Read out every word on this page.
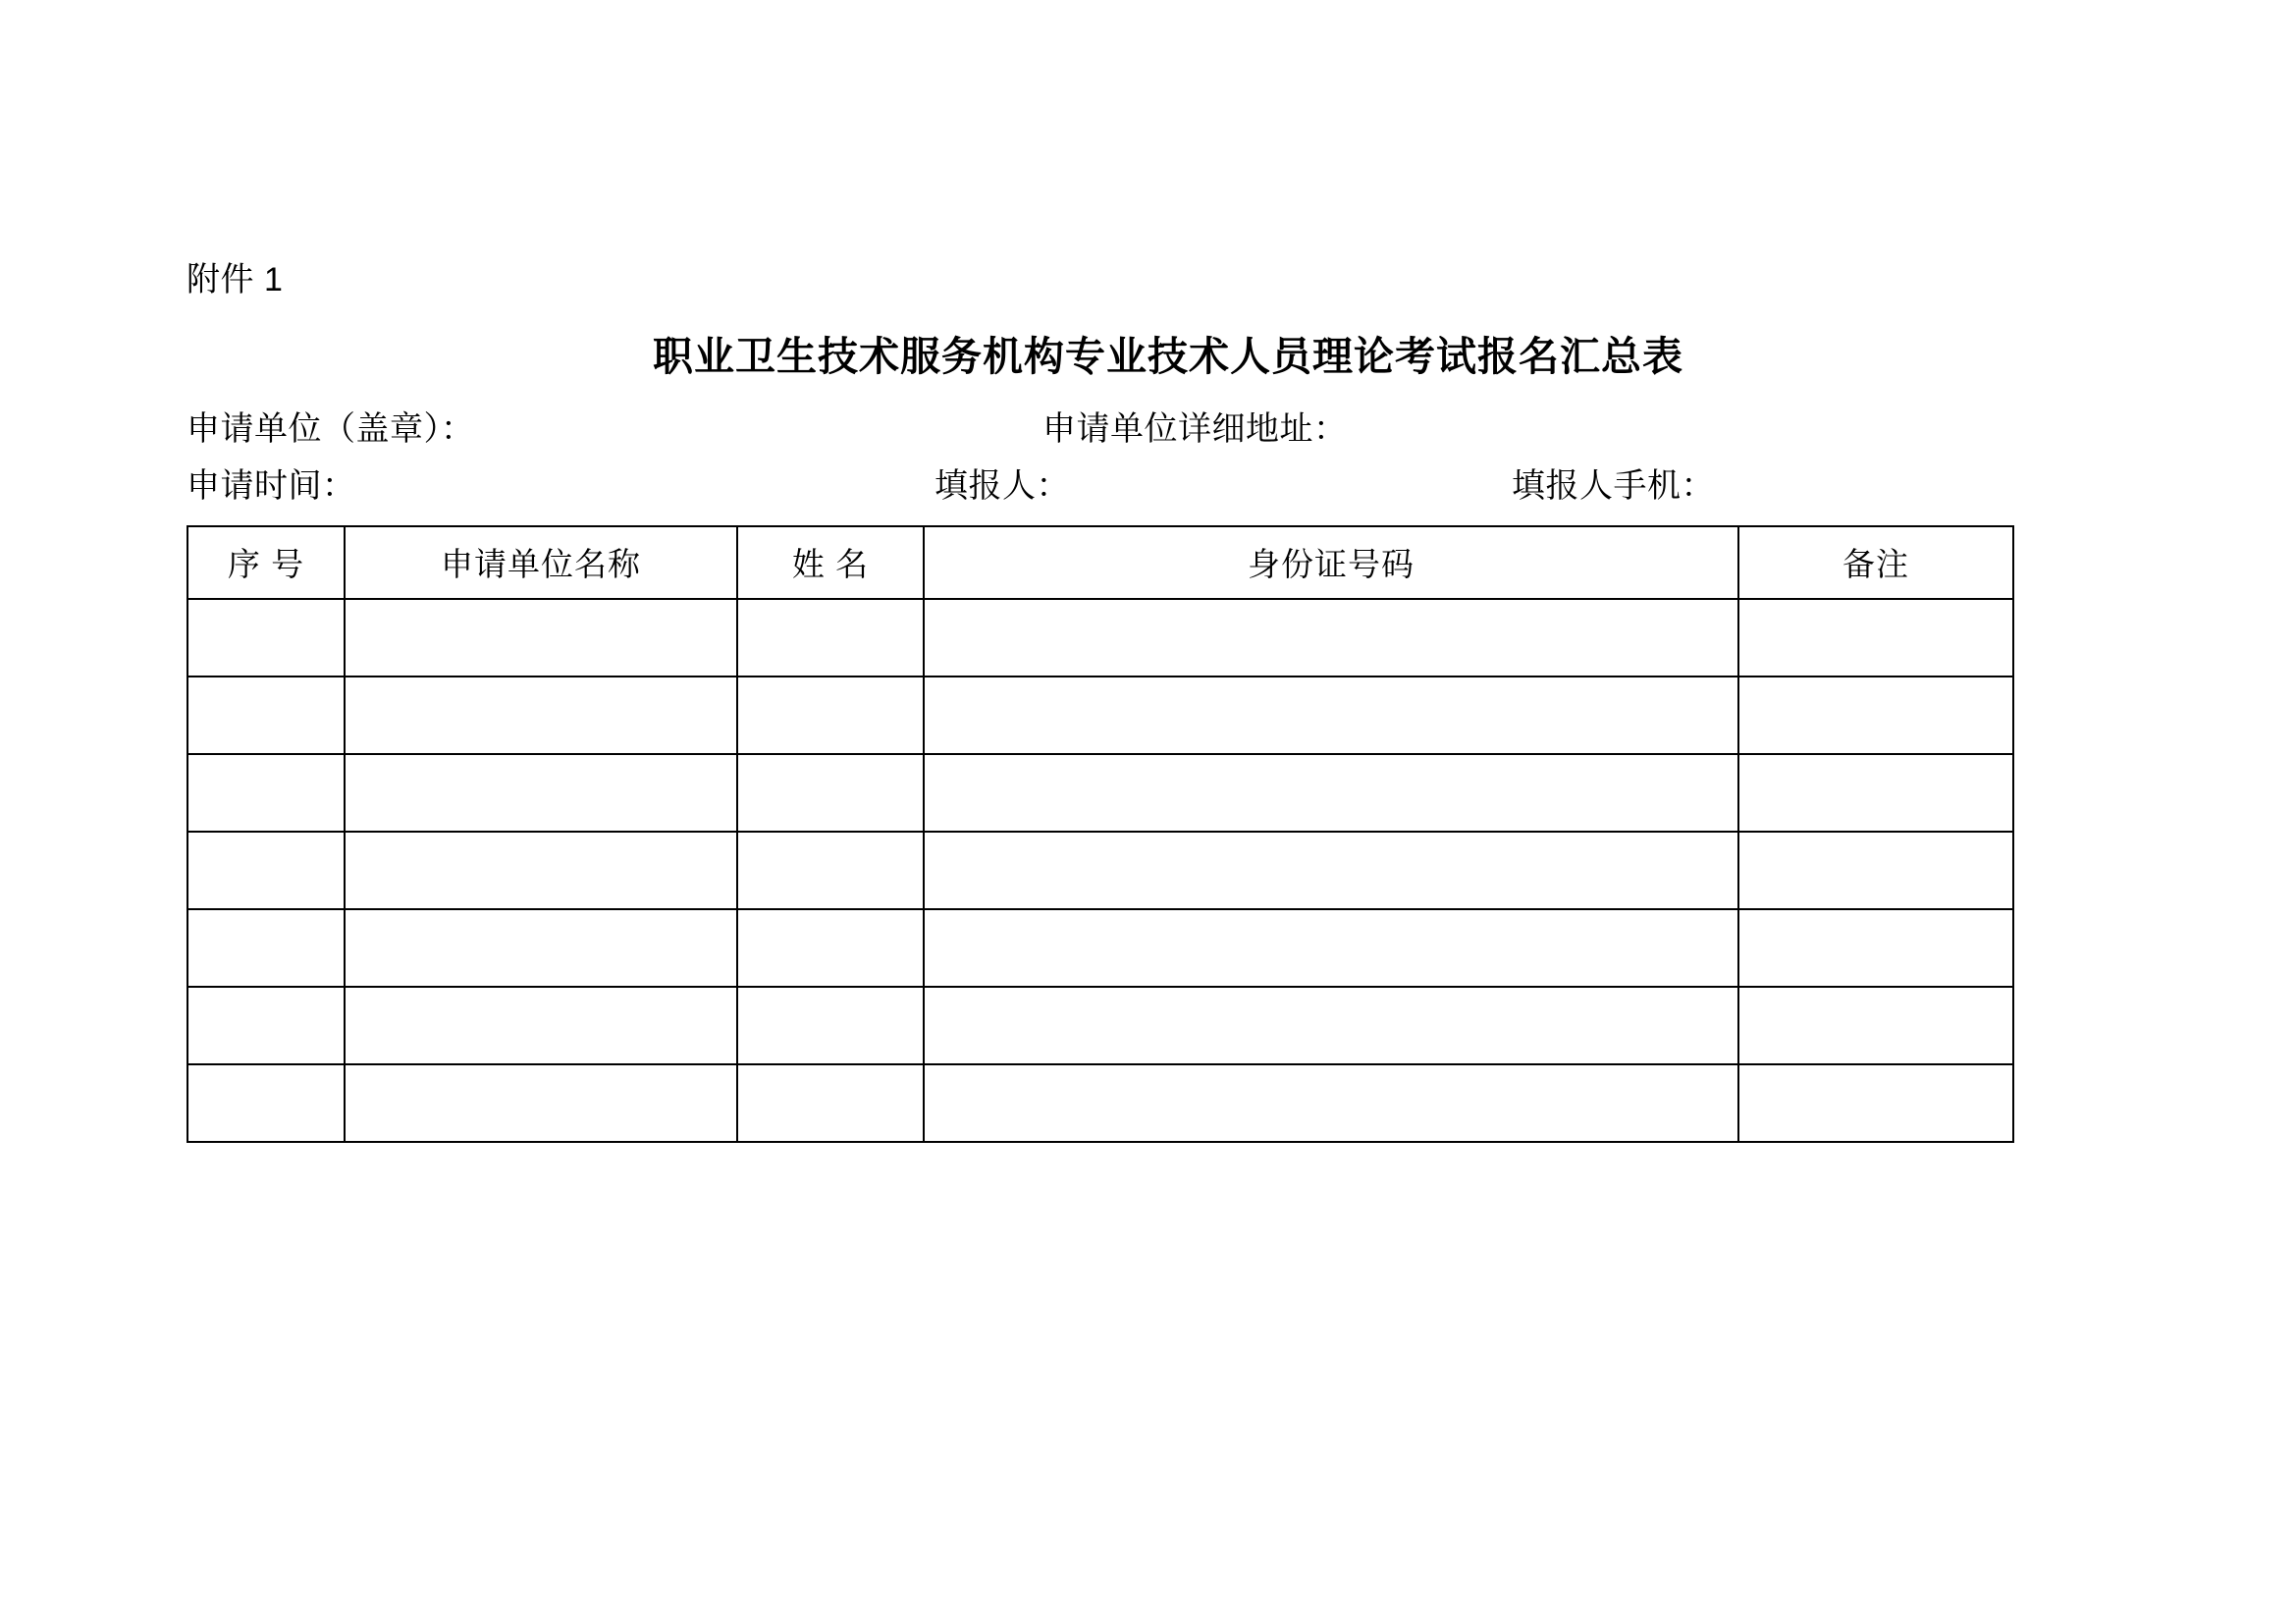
附件 1
职业卫生技术服务机构专业技术人员理论考试报名汇总表
申请单位（盖章）：	申请单位详细地址：
申请时间：	填报人：	填报人手机：
序 号	申请单位名称	姓 名	身份证号码	备注
